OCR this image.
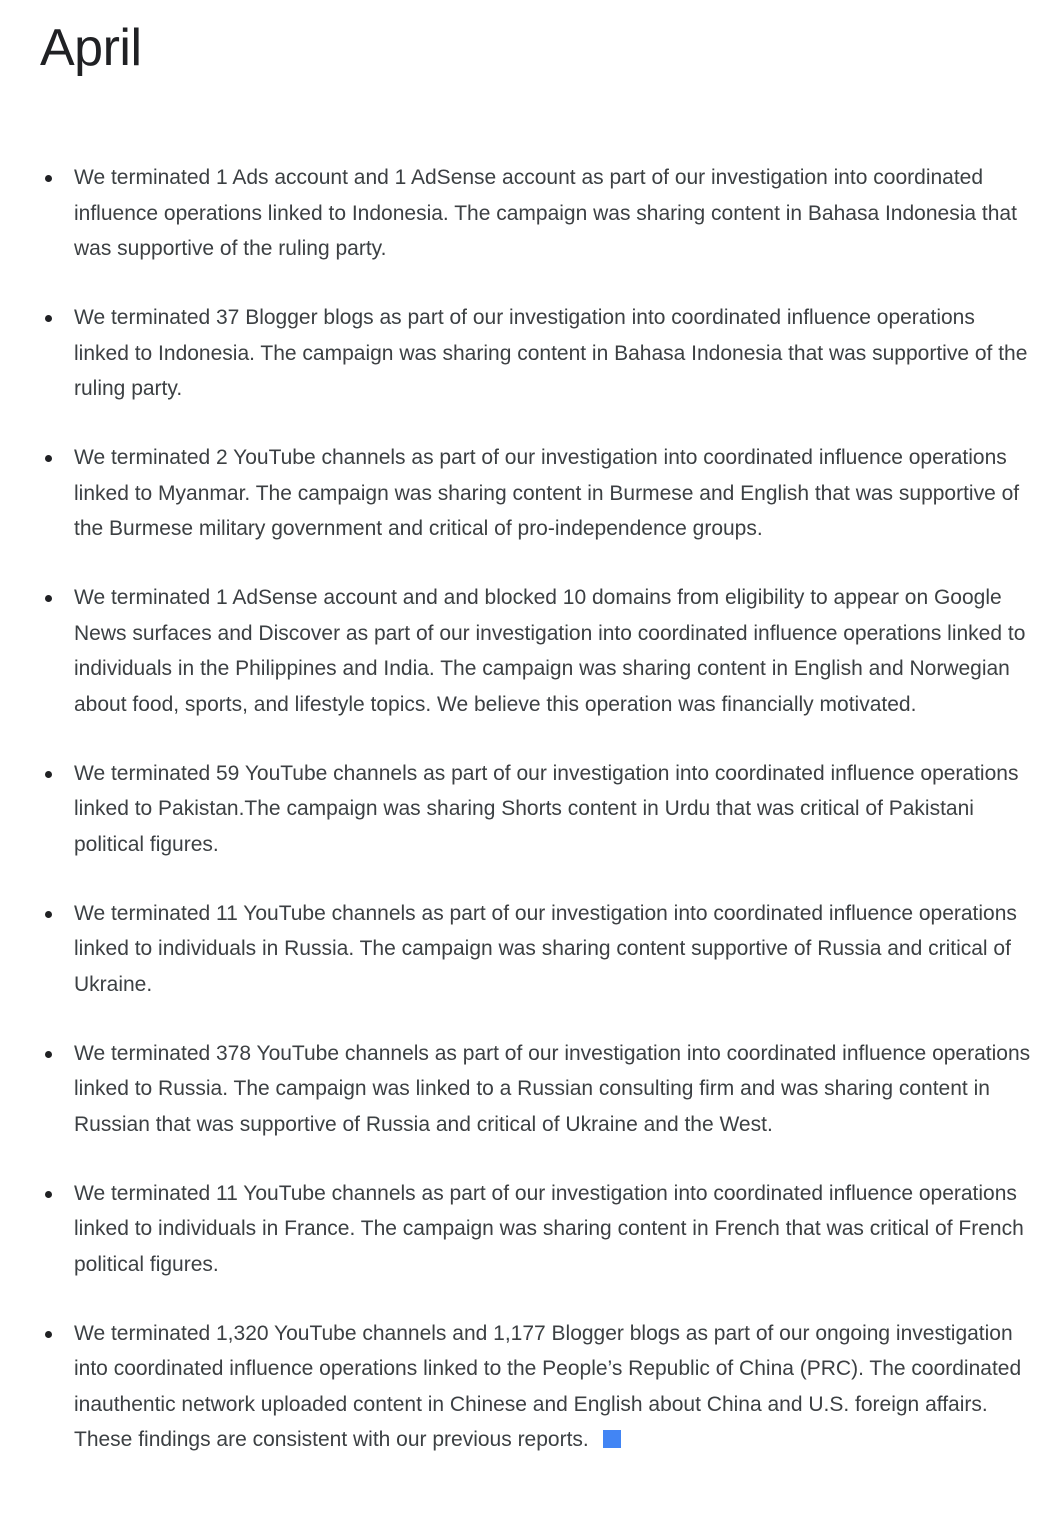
April
We terminated 1 Ads account and 1 AdSense account as part of our investigation into coordinated influence operations linked to Indonesia. The campaign was sharing content in Bahasa Indonesia that was supportive of the ruling party.
We terminated 37 Blogger blogs as part of our investigation into coordinated influence operations linked to Indonesia. The campaign was sharing content in Bahasa Indonesia that was supportive of the ruling party.
We terminated 2 YouTube channels as part of our investigation into coordinated influence operations linked to Myanmar. The campaign was sharing content in Burmese and English that was supportive of the Burmese military government and critical of pro-independence groups.
We terminated 1 AdSense account and and blocked 10 domains from eligibility to appear on Google News surfaces and Discover as part of our investigation into coordinated influence operations linked to individuals in the Philippines and India. The campaign was sharing content in English and Norwegian about food, sports, and lifestyle topics. We believe this operation was financially motivated.
We terminated 59 YouTube channels as part of our investigation into coordinated influence operations linked to Pakistan.The campaign was sharing Shorts content in Urdu that was critical of Pakistani political figures.
We terminated 11 YouTube channels as part of our investigation into coordinated influence operations linked to individuals in Russia. The campaign was sharing content supportive of Russia and critical of Ukraine.
We terminated 378 YouTube channels as part of our investigation into coordinated influence operations linked to Russia. The campaign was linked to a Russian consulting firm and was sharing content in Russian that was supportive of Russia and critical of Ukraine and the West.
We terminated 11 YouTube channels as part of our investigation into coordinated influence operations linked to individuals in France. The campaign was sharing content in French that was critical of French political figures.
We terminated 1,320 YouTube channels and 1,177 Blogger blogs as part of our ongoing investigation into coordinated influence operations linked to the People’s Republic of China (PRC). The coordinated inauthentic network uploaded content in Chinese and English about China and U.S. foreign affairs. These findings are consistent with our previous reports.
